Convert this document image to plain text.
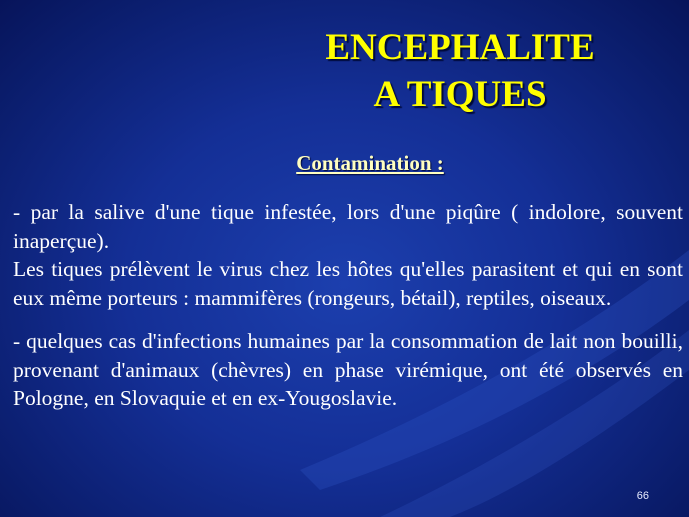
ENCEPHALITE
A TIQUES
Contamination :

- par la salive d'une tique infestée, lors d'une piqûre ( indolore, souvent inaperçue).

Les tiques prélèvent le virus chez les hôtes qu'elles parasitent et qui en sont eux même porteurs : mammifères (rongeurs, bétail), reptiles, oiseaux.

- quelques cas d'infections humaines par la consommation de lait non bouilli, provenant d'animaux (chèvres) en phase virémique, ont été observés en Pologne, en Slovaquie et en ex-Yougoslavie.

66
